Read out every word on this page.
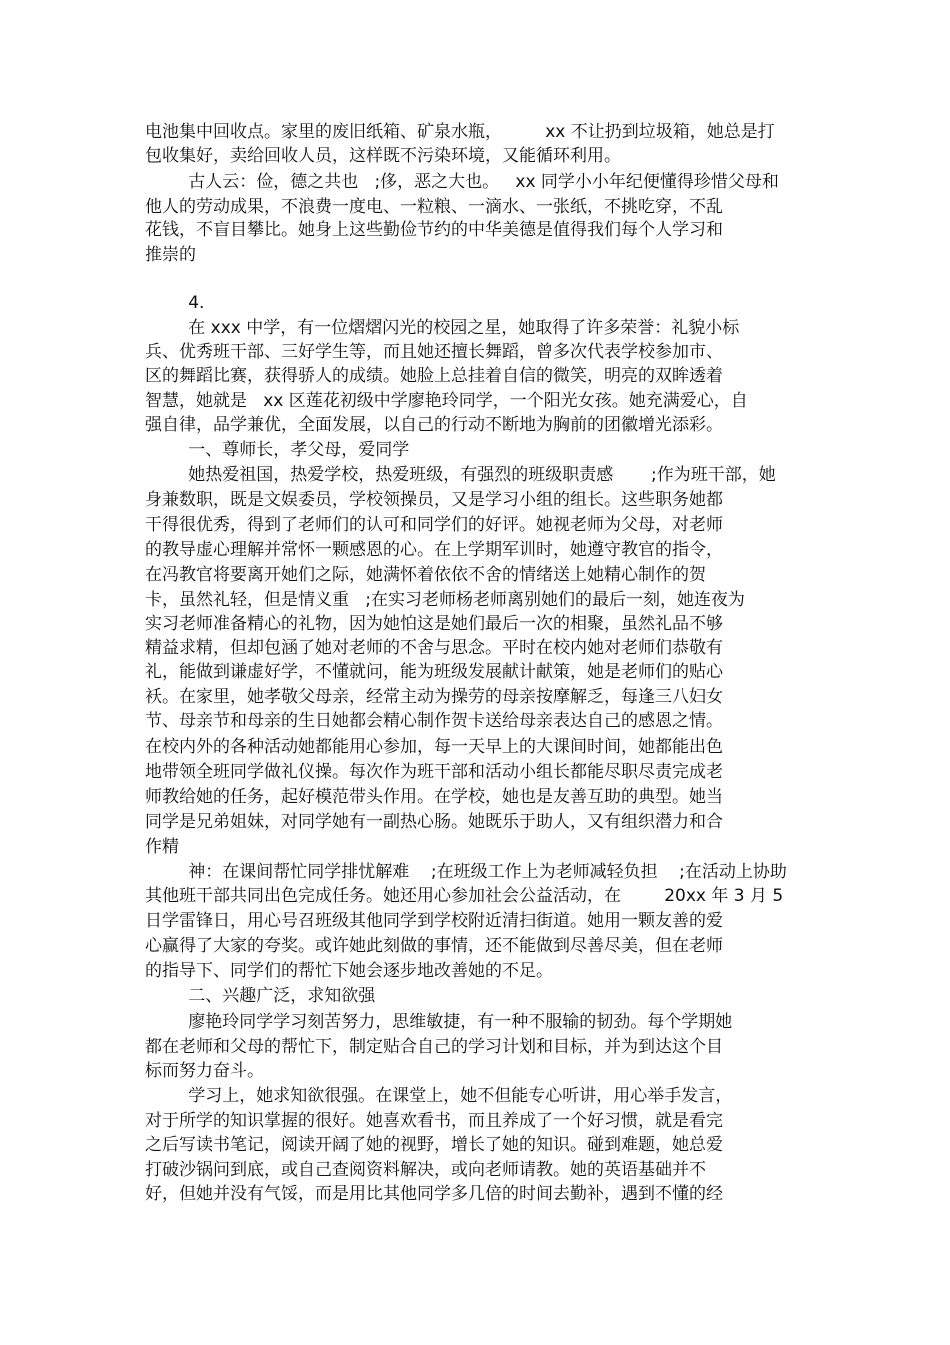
电池集中回收点。家里的废旧纸箱、矿泉水瓶，        xx 不让扔到垃圾箱，她总是打
包收集好，卖给回收人员，这样既不污染环境，又能循环利用。
古人云：俭，德之共也   ;侈，恶之大也。   xx 同学小小年纪便懂得珍惜父母和
他人的劳动成果，不浪费一度电、一粒粮、一滴水、一张纸，不挑吃穿，不乱
花钱，不盲目攀比。她身上这些勤俭节约的中华美德是值得我们每个人学习和
推崇的
4.
在 xxx 中学，有一位熠熠闪光的校园之星，她取得了许多荣誉：礼貌小标
兵、优秀班干部、三好学生等，而且她还擅长舞蹈，曾多次代表学校参加市、
区的舞蹈比赛，获得骄人的成绩。她脸上总挂着自信的微笑，明亮的双眸透着
智慧，她就是   xx 区莲花初级中学廖艳玲同学，一个阳光女孩。她充满爱心，自
强自律，品学兼优，全面发展，以自己的行动不断地为胸前的团徽增光添彩。
一、尊师长，孝父母，爱同学
她热爱祖国，热爱学校，热爱班级，有强烈的班级职责感       ;作为班干部，她
身兼数职，既是文娱委员，学校领操员，又是学习小组的组长。这些职务她都
干得很优秀，得到了老师们的认可和同学们的好评。她视老师为父母，对老师
的教导虚心理解并常怀一颗感恩的心。在上学期军训时，她遵守教官的指令，
在冯教官将要离开她们之际，她满怀着依依不舍的情绪送上她精心制作的贺
卡，虽然礼轻，但是情义重   ;在实习老师杨老师离别她们的最后一刻，她连夜为
实习老师准备精心的礼物，因为她怕这是她们最后一次的相聚，虽然礼品不够
精益求精，但却包涵了她对老师的不舍与思念。平时在校内她对老师们恭敬有
礼，能做到谦虚好学，不懂就问，能为班级发展献计献策，她是老师们的贴心
袄。在家里，她孝敬父母亲，经常主动为操劳的母亲按摩解乏，每逢三八妇女
节、母亲节和母亲的生日她都会精心制作贺卡送给母亲表达自己的感恩之情。
在校内外的各种活动她都能用心参加，每一天早上的大课间时间，她都能出色
地带领全班同学做礼仪操。每次作为班干部和活动小组长都能尽职尽责完成老
师教给她的任务，起好模范带头作用。在学校，她也是友善互助的典型。她当
同学是兄弟姐妹，对同学她有一副热心肠。她既乐于助人，又有组织潜力和合
作精
神：在课间帮忙同学排忧解难    ;在班级工作上为老师减轻负担    ;在活动上协助
其他班干部共同出色完成任务。她还用心参加社会公益活动，在        20xx 年 3 月 5
日学雷锋日，用心号召班级其他同学到学校附近清扫街道。她用一颗友善的爱
心赢得了大家的夸奖。或许她此刻做的事情，还不能做到尽善尽美，但在老师
的指导下、同学们的帮忙下她会逐步地改善她的不足。
二、兴趣广泛，求知欲强
廖艳玲同学学习刻苦努力，思维敏捷，有一种不服输的韧劲。每个学期她
都在老师和父母的帮忙下，制定贴合自己的学习计划和目标，并为到达这个目
标而努力奋斗。
学习上，她求知欲很强。在课堂上，她不但能专心听讲，用心举手发言，
对于所学的知识掌握的很好。她喜欢看书，而且养成了一个好习惯，就是看完
之后写读书笔记，阅读开阔了她的视野，增长了她的知识。碰到难题，她总爱
打破沙锅问到底，或自己查阅资料解决，或向老师请教。她的英语基础并不
好，但她并没有气馁，而是用比其他同学多几倍的时间去勤补，遇到不懂的经
